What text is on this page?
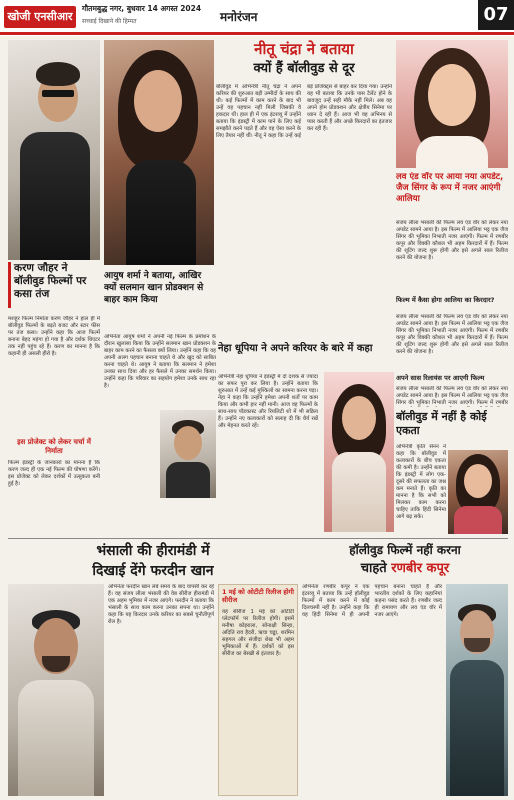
खोजी एनसीआर
गौतमबुद्ध नगर, बुधवार 14 अगस्त 2024
सच्चाई दिखाने की हिम्मत	मनोरंजन	07
करण जौहर ने बॉलीवुड फिल्मों पर कसा तंज
मशहूर फिल्म निर्माता करण जौहर ने हाल ही में बॉलीवुड फिल्मों के बढ़ते बजट और स्टार फीस पर तंज कसा। उन्होंने कहा कि आज फिल्में बनाना बेहद महंगा हो गया है और दर्शक थिएटर तक नहीं पहुंच रहे हैं। करण का मानना है कि कहानी ही असली हीरो है।
इस प्रोजेक्ट को लेकर चर्चा में निर्माता
फिल्म इंडस्ट्री के जानकारों का मानना है कि करण जल्द ही एक नई फिल्म की घोषणा करेंगे। इस प्रोजेक्ट को लेकर दर्शकों में उत्सुकता बनी हुई है।
नीतू चंद्रा ने बताया
क्यों हैं बॉलीवुड से दूर
बॉलीवुड में अभिनेत्री नीतू चंद्रा ने अपने करियर की शुरुआत बड़ी उम्मीदों के साथ की थी। कई फिल्मों में काम करने के बाद भी उन्हें वह पहचान नहीं मिली जिसकी वे हकदार थीं। हाल ही में एक इंटरव्यू में उन्होंने बताया कि इंडस्ट्री में काम पाने के लिए कई समझौते करने पड़ते हैं और वह ऐसा करने के लिए तैयार नहीं थीं। नीतू ने कहा कि उन्हें कई बड़े प्रोजेक्ट्स से बाहर कर दिया गया। उन्होंने यह भी बताया कि उनके पास टैलेंट होने के बावजूद उन्हें सही मौके नहीं मिले। अब वह अपने होम प्रोडक्शन और क्षेत्रीय सिनेमा पर ध्यान दे रही हैं। आज भी वह अभिनय से प्यार करती हैं और अच्छे किरदारों का इंतजार कर रही हैं।
आयुष शर्मा ने बताया, आखिर क्यों सलमान खान प्रोडक्शन से बाहर काम किया
अभिनेता आयुष शर्मा ने अपनी नई फिल्म के प्रमोशन के दौरान खुलासा किया कि उन्होंने सलमान खान प्रोडक्शन के बाहर काम करने का फैसला क्यों लिया। उन्होंने कहा कि वह अपनी अलग पहचान बनाना चाहते थे और खुद को साबित करना चाहते थे। आयुष ने बताया कि सलमान ने हमेशा उनका साथ दिया और हर फैसले में उनका समर्थन किया। उन्होंने कहा कि परिवार का सहयोग हमेशा उनके साथ रहा है।
नेहा धूपिया ने अपने करियर के बारे में कहा
अभिनेत्री नेहा धूपिया ने इंडस्ट्री में दो दशक से ज्यादा का सफर पूरा कर लिया है। उन्होंने बताया कि शुरुआत में उन्हें कई मुश्किलों का सामना करना पड़ा। नेहा ने कहा कि उन्होंने हमेशा अपनी शर्तों पर काम किया और कभी हार नहीं मानी। आज वह फिल्मों के साथ-साथ पॉडकास्ट और रियलिटी शो में भी सक्रिय हैं। उन्होंने नए कलाकारों को सलाह दी कि धैर्य रखें और मेहनत करते रहें।
लव एंड वॉर पर आया नया अपडेट, जैज सिंगर के रूप में नजर आएंगी आलिया
संजय लीला भंसाली की फिल्म लव एंड वॉर को लेकर नया अपडेट सामने आया है। इस फिल्म में आलिया भट्ट एक जैज सिंगर की भूमिका निभाती नजर आएंगी। फिल्म में रणबीर कपूर और विक्की कौशल भी अहम किरदारों में हैं। फिल्म की शूटिंग जल्द शुरू होगी और इसे अगले साल रिलीज करने की योजना है।
फिल्म में कैसा होगा आलिया का किरदार?
संजय लीला भंसाली की फिल्म लव एंड वॉर को लेकर नया अपडेट सामने आया है। इस फिल्म में आलिया भट्ट एक जैज सिंगर की भूमिका निभाती नजर आएंगी। फिल्म में रणबीर कपूर और विक्की कौशल भी अहम किरदारों में हैं। फिल्म की शूटिंग जल्द शुरू होगी और इसे अगले साल रिलीज करने की योजना है।
अपने सास रिलायंस पर आएगी फिल्म
संजय लीला भंसाली की फिल्म लव एंड वॉर को लेकर नया अपडेट सामने आया है। इस फिल्म में आलिया भट्ट एक जैज सिंगर की भूमिका निभाती नजर आएंगी। फिल्म में रणबीर
बॉलीवुड में नहीं है कोई एकता
अभिनेत्री कृति सेनन ने कहा कि बॉलीवुड में कलाकारों के बीच एकता की कमी है। उन्होंने बताया कि इंडस्ट्री में लोग एक-दूसरे की सफलता का जश्न कम मनाते हैं। कृति का मानना है कि सभी को मिलकर काम करना चाहिए ताकि हिंदी सिनेमा आगे बढ़ सके।
भंसाली की हीरामंडी में
दिखाई देंगे फरदीन खान
अभिनेता फरदीन खान लंबे समय के बाद वापसी कर रहे हैं। वह संजय लीला भंसाली की वेब सीरीज हीरामंडी में एक अहम भूमिका में नजर आएंगे। फरदीन ने बताया कि भंसाली के साथ काम करना उनका सपना था। उन्होंने कहा कि यह किरदार उनके करियर का सबसे चुनौतीपूर्ण रोल है।
1 मई को ओटीटी रिलीज होगी सीरीज
यह सीरीज 1 मई को ओटीटी प्लेटफॉर्म पर रिलीज होगी। इसमें मनीषा कोइराला, सोनाक्षी सिन्हा, अदिति राव हैदरी, ऋचा चड्ढा, शरमिन सहगल और संजीदा शेख भी अहम भूमिकाओं में हैं। दर्शकों को इस सीरीज का बेसब्री से इंतजार है।
हॉलीवुड फिल्में नहीं करना
चाहते रणबीर कपूर
अभिनेता रणबीर कपूर ने एक इंटरव्यू में बताया कि उन्हें हॉलीवुड फिल्मों में काम करने में कोई दिलचस्पी नहीं है। उन्होंने कहा कि वह हिंदी सिनेमा में ही अपनी पहचान बनाना चाहते हैं और भारतीय दर्शकों के लिए कहानियां कहना पसंद करते हैं। रणबीर जल्द ही रामायण और लव एंड वॉर में नजर आएंगे।
